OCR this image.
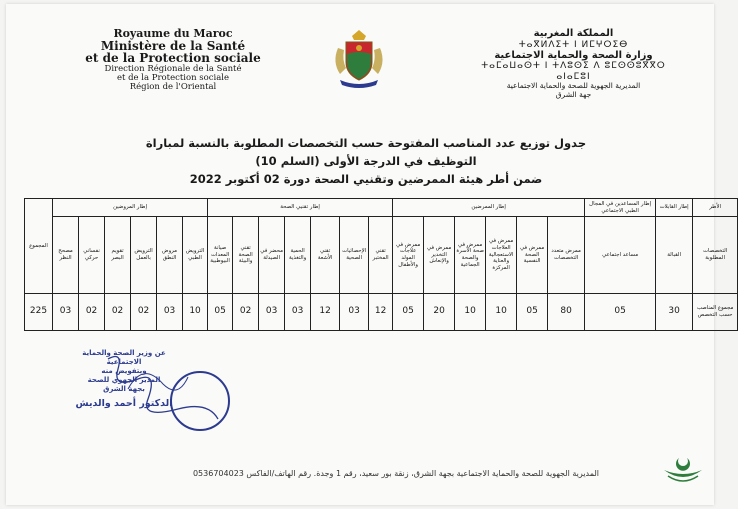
Royaume du Maroc
Ministère de la Santé
et de la Protection sociale
Direction Régionale de la Santé
et de la Protection sociale
Région de l'Oriental
المملكة المغربية
ⵜⴰⴳⵍⴷⵉⵜ ⵏ ⵍⵎⵖⵔⵉⴱ
وزارة الصحة والحماية الاجتماعية
ⵜⴰⵎⴰⵡⴰⵙⵜ ⵏ ⵜⴷⵓⵙⵉ ⴷ ⵓⵎⵙⵙⵓⴳⴳⵔ ⴰⵏⴰⵎⵓⵏ
المديرية الجهوية للصحة والحماية الاجتماعية
جهة الشرق
جدول توزيع عدد المناصب المفتوحة حسب التخصصات المطلوبة بالنسبة لمباراة التوظيف في الدرجة الأولى (السلم 10)
ضمن أطر هيئة الممرضين وتقنيي الصحة دورة 02 أكتوبر 2022
الأطر	إطار القابلات	إطار المساعدين في المجال الطبي الاجتماعي	إطار الممرضين						إطار تقنيي الصحة							إطار المروضين						المجموع
التخصصات المطلوبة	القبالة	مساعد اجتماعي	ممرض متعدد التخصصات	ممرض في الصحة النفسية	ممرض في العلاجات الاستعجالية والعناية المركزة	ممرض في صحة الأسرة والصحة الجماعية	ممرض في التخدير والإنعاش	ممرض في علاجات المولد والأطفال	تقني المختبر	الإحصائيات الصحية	تقني الأشعة	الحمية والتغذية	محضر في الصيدلة	تقني الصحة والبيئة	صيانة المعدات البيوطبية	الترويض الطبي	مروض النطق	الترويض بالعمل	تقويم البصر	نفساني حركي	مصحح النظر	
مجموع المناصب حسب التخصص	30	05	80	05	10	10	20	05	12	03	12	03	03	02	05	10	03	02	02	02	03	225
عن وزير الصحة والحماية الاجتماعية
وبتفويض منه
المدير الجهوي للصحة
بجهة الشرق
الدكتور أحمد والديش
المديرية الجهوية للصحة والحماية الاجتماعية بجهة الشرق، زنقة بور سعيد، رقم 1 وجدة. رقم الهاتف/الفاكس 0536704023
